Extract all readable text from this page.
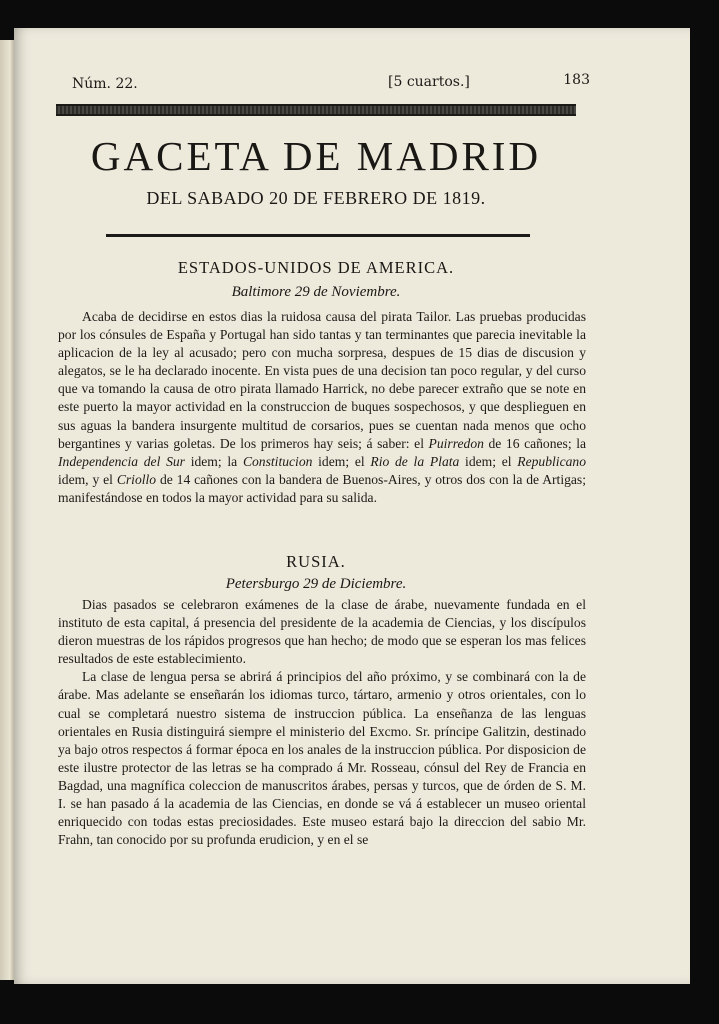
Núm. 22.	[5 cuartos.]	183
GACETA DE MADRID
DEL SABADO 20 DE FEBRERO DE 1819.
ESTADOS-UNIDOS DE AMERICA.
Baltimore 29 de Noviembre.

Acaba de decidirse en estos dias la ruidosa causa del pirata Tailor. Las pruebas producidas por los cónsules de España y Portugal han sido tantas y tan terminantes que parecia inevitable la aplicacion de la ley al acusado; pero con mucha sorpresa, despues de 15 dias de discusion y alegatos, se le ha declarado inocente. En vista pues de una decision tan poco regular, y del curso que va tomando la causa de otro pirata llamado Harrick, no debe parecer extraño que se note en este puerto la mayor actividad en la construccion de buques sospechosos, y que desplieguen en sus aguas la bandera insurgente multitud de corsarios, pues se cuentan nada menos que ocho bergantines y varias goletas. De los primeros hay seis; á saber: el Puirredon de 16 cañones; la Independencia del Sur idem; la Constitucion idem; el Rio de la Plata idem; el Republicano idem, y el Criollo de 14 cañones con la bandera de Buenos-Aires, y otros dos con la de Artigas; manifestándose en todos la mayor actividad para su salida.

RUSIA.
Petersburgo 29 de Diciembre.

Dias pasados se celebraron exámenes de la clase de árabe, nuevamente fundada en el instituto de esta capital, á presencia del presidente de la academia de Ciencias, y los discípulos dieron muestras de los rápidos progresos que han hecho; de modo que se esperan los mas felices resultados de este establecimiento.

La clase de lengua persa se abrirá á principios del año próximo, y se combinará con la de árabe. Mas adelante se enseñarán los idiomas turco, tártaro, armenio y otros orientales, con lo cual se completará nuestro sistema de instruccion pública. La enseñanza de las lenguas orientales en Rusia distinguirá siempre el ministerio del Excmo. Sr. príncipe Galitzin, destinado ya bajo otros respectos á formar época en los anales de la instruccion pública. Por disposicion de este ilustre protector de las letras se ha comprado á Mr. Rosseau, cónsul del Rey de Francia en Bagdad, una magnífica coleccion de manuscritos árabes, persas y turcos, que de órden de S. M. I. se han pasado á la academia de las Ciencias, en donde se vá á establecer un museo oriental enriquecido con todas estas preciosidades. Este museo estará bajo la direccion del sabio Mr. Frahn, tan conocido por su profunda erudicion, y en el se
